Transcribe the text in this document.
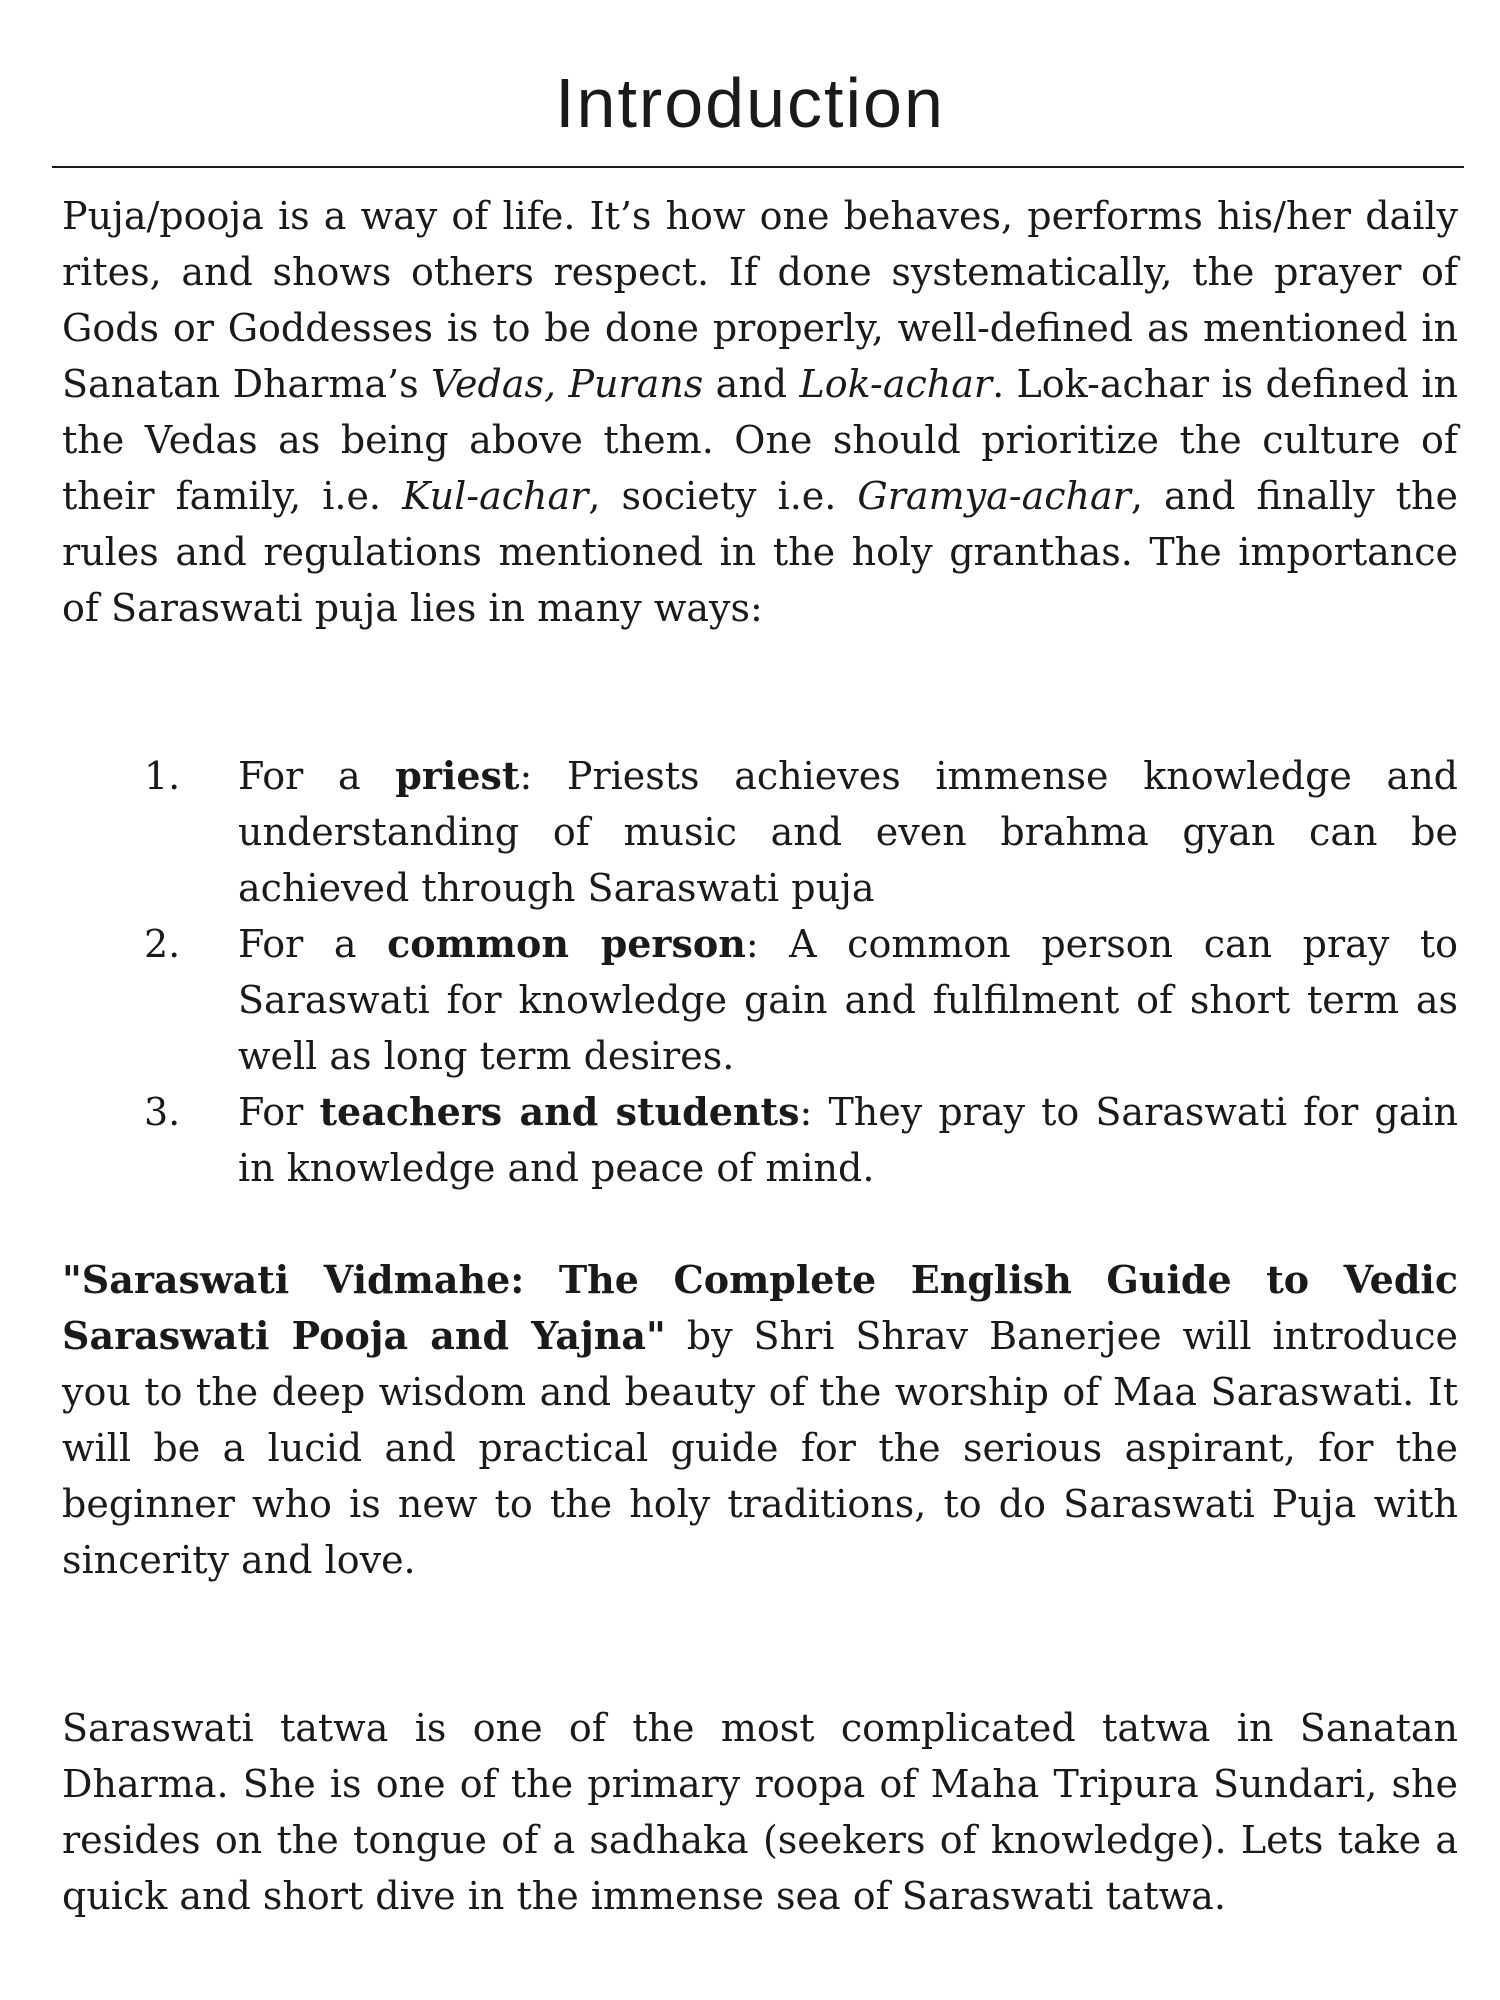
Introduction

Puja/pooja is a way of life. It’s how one behaves, performs his/her daily rites, and shows others respect. If done systematically, the prayer of Gods or Goddesses is to be done properly, well-defined as mentioned in Sanatan Dharma’s Vedas, Purans and Lok-achar. Lok-achar is defined in the Vedas as being above them. One should prioritize the culture of their family, i.e. Kul-achar, society i.e. Gramya-achar, and finally the rules and regulations mentioned in the holy granthas. The importance of Saraswati puja lies in many ways:

1. For a priest: Priests achieves immense knowledge and understanding of music and even brahma gyan can be achieved through Saraswati puja
2. For a common person: A common person can pray to Saraswati for knowledge gain and fulfilment of short term as well as long term desires.
3. For teachers and students: They pray to Saraswati for gain in knowledge and peace of mind.

"Saraswati Vidmahe: The Complete English Guide to Vedic Saraswati Pooja and Yajna" by Shri Shrav Banerjee will introduce you to the deep wisdom and beauty of the worship of Maa Saraswati. It will be a lucid and practical guide for the serious aspirant, for the beginner who is new to the holy traditions, to do Saraswati Puja with sincerity and love.

Saraswati tatwa is one of the most complicated tatwa in Sanatan Dharma. She is one of the primary roopa of Maha Tripura Sundari, she resides on the tongue of a sadhaka (seekers of knowledge). Lets take a quick and short dive in the immense sea of Saraswati tatwa.
